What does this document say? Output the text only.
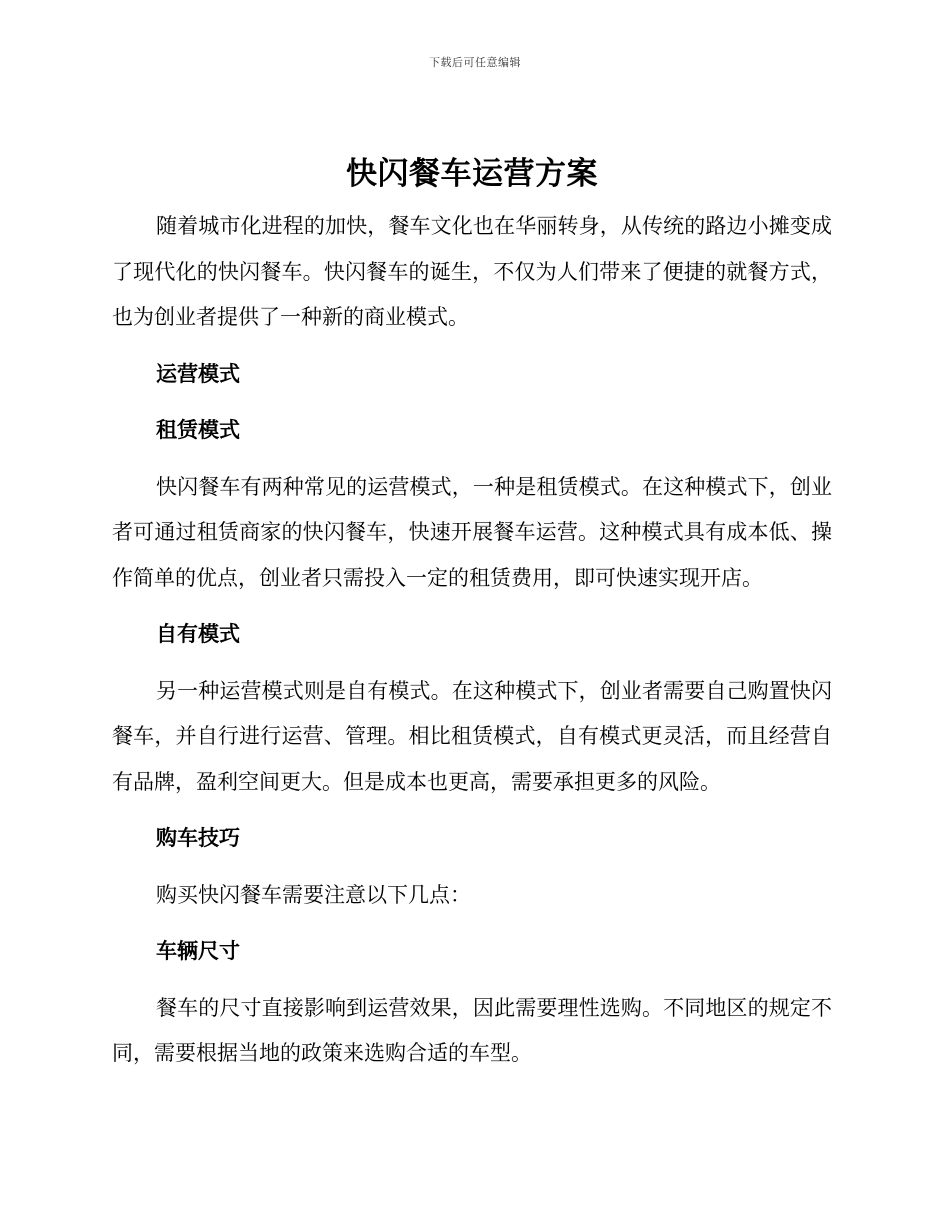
下载后可任意编辑
快闪餐车运营方案

随着城市化进程的加快，餐车文化也在华丽转身，从传统的路边小摊变成了现代化的快闪餐车。快闪餐车的诞生，不仅为人们带来了便捷的就餐方式，也为创业者提供了一种新的商业模式。

运营模式
租赁模式

快闪餐车有两种常见的运营模式，一种是租赁模式。在这种模式下，创业者可通过租赁商家的快闪餐车，快速开展餐车运营。这种模式具有成本低、操作简单的优点，创业者只需投入一定的租赁费用，即可快速实现开店。

自有模式

另一种运营模式则是自有模式。在这种模式下，创业者需要自己购置快闪餐车，并自行进行运营、管理。相比租赁模式，自有模式更灵活，而且经营自有品牌，盈利空间更大。但是成本也更高，需要承担更多的风险。

购车技巧

购买快闪餐车需要注意以下几点：

车辆尺寸

餐车的尺寸直接影响到运营效果，因此需要理性选购。不同地区的规定不同，需要根据当地的政策来选购合适的车型。
